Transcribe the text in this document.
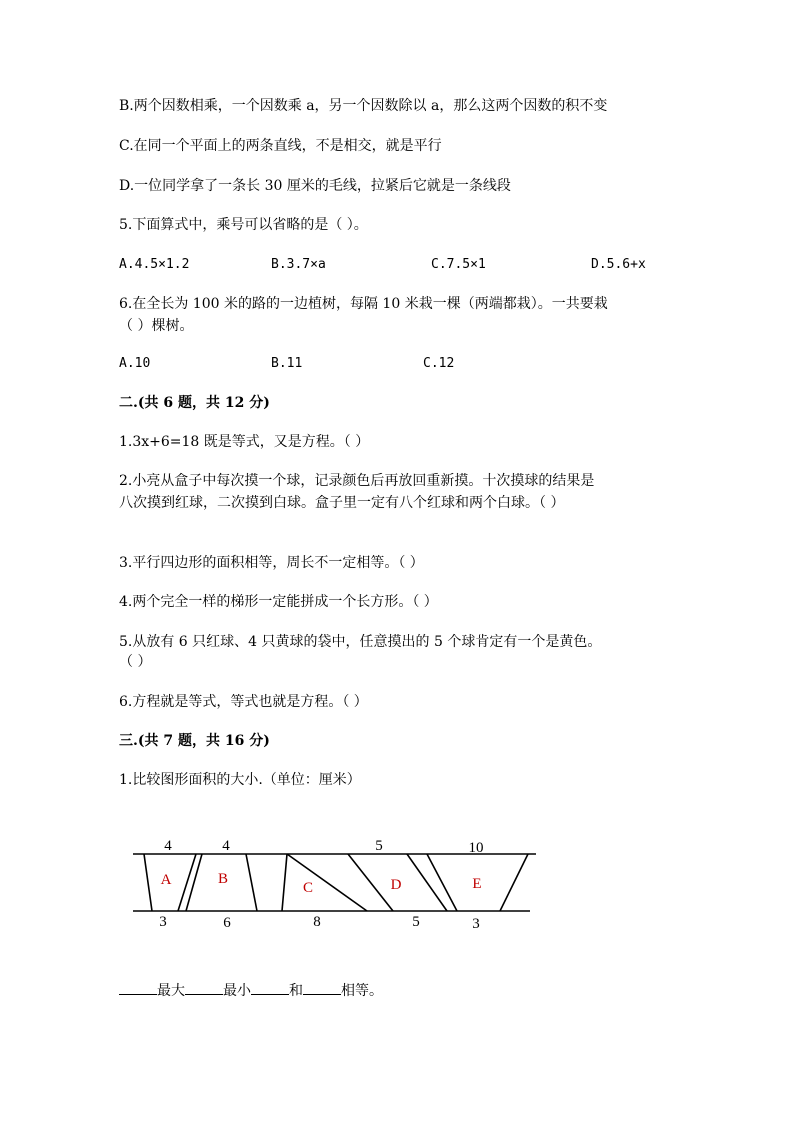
B.两个因数相乘，一个因数乘 a，另一个因数除以 a，那么这两个因数的积不变
C.在同一个平面上的两条直线，不是相交，就是平行
D.一位同学拿了一条长 30 厘米的毛线，拉紧后它就是一条线段
5.下面算式中，乘号可以省略的是（ ）。
A.4.5×1.2	B.3.7×a	C.7.5×1	D.5.6+x
6.在全长为 100 米的路的一边植树，每隔 10 米栽一棵（两端都栽）。一共要栽
（ ）棵树。
A.10	B.11	C.12
二.(共 6 题，共 12 分)
1.3x+6=18 既是等式，又是方程。（ ）
2.小亮从盒子中每次摸一个球，记录颜色后再放回重新摸。十次摸球的结果是
八次摸到红球，二次摸到白球。盒子里一定有八个红球和两个白球。（ ）
3.平行四边形的面积相等，周长不一定相等。（ ）
4.两个完全一样的梯形一定能拼成一个长方形。（ ）
5.从放有 6 只红球、4 只黄球的袋中，任意摸出的 5 个球肯定有一个是黄色。
（ ）
6.方程就是等式，等式也就是方程。（ ）
三.(共 7 题，共 16 分)
1.比较图形面积的大小.（单位：厘米）
4	4	5	10
A	B
C	D	E
3	6	8	5	3
最大	最小	和	相等。
